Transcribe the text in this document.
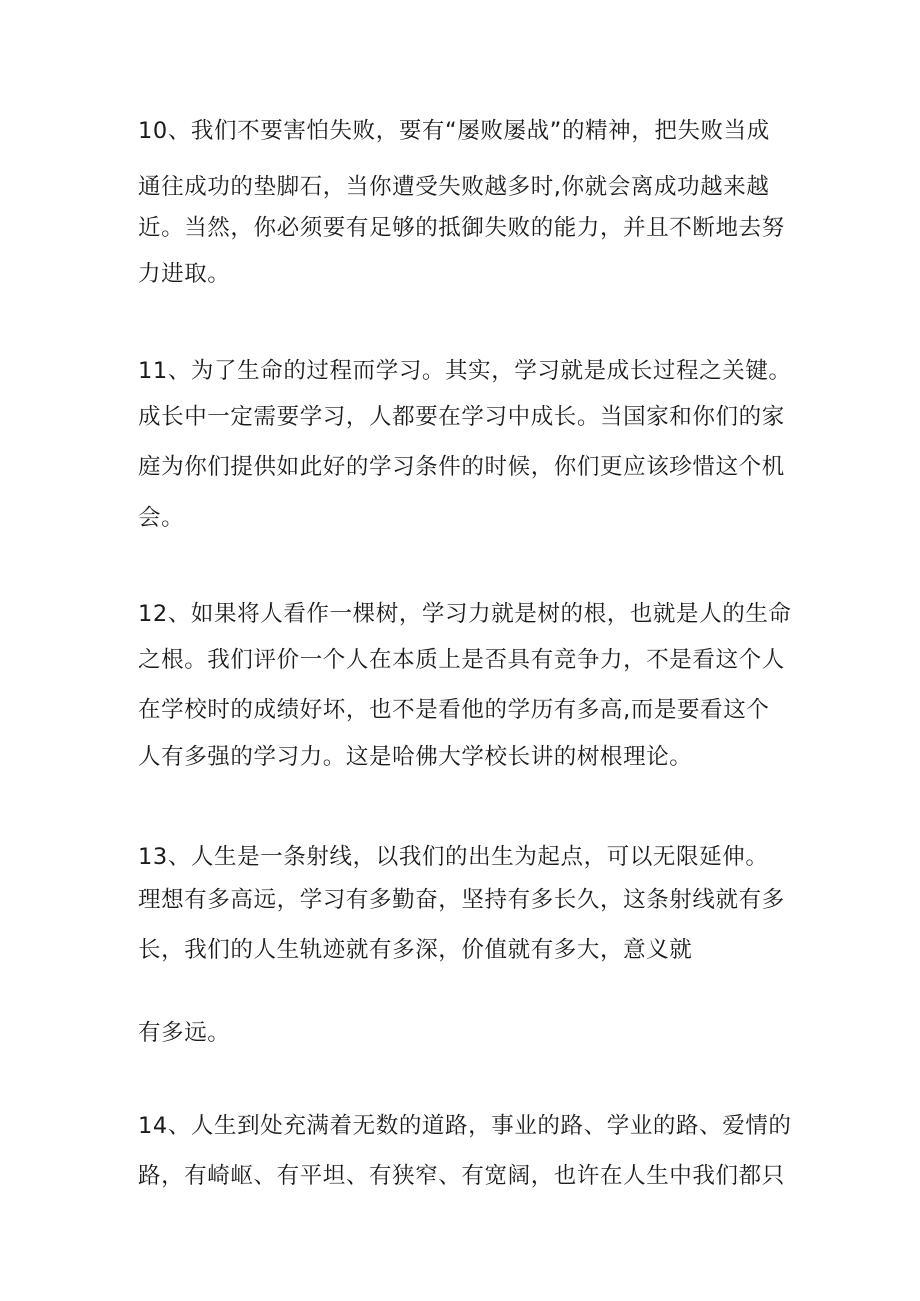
10、我们不要害怕失败，要有“屡败屡战”的精神，把失败当成
通往成功的垫脚石，当你遭受失败越多时,你就会离成功越来越
近。当然，你必须要有足够的抵御失败的能力，并且不断地去努
力进取。
11、为了生命的过程而学习。其实，学习就是成长过程之关键。
成长中一定需要学习，人都要在学习中成长。当国家和你们的家
庭为你们提供如此好的学习条件的时候，你们更应该珍惜这个机
会。
12、如果将人看作一棵树，学习力就是树的根，也就是人的生命
之根。我们评价一个人在本质上是否具有竞争力，不是看这个人
在学校时的成绩好坏，也不是看他的学历有多高,而是要看这个
人有多强的学习力。这是哈佛大学校长讲的树根理论。
13、人生是一条射线，以我们的出生为起点，可以无限延伸。
理想有多高远，学习有多勤奋，坚持有多长久，这条射线就有多
长，我们的人生轨迹就有多深，价值就有多大，意义就
有多远。
14、人生到处充满着无数的道路，事业的路、学业的路、爱情的
路，有崎岖、有平坦、有狭窄、有宽阔，也许在人生中我们都只
